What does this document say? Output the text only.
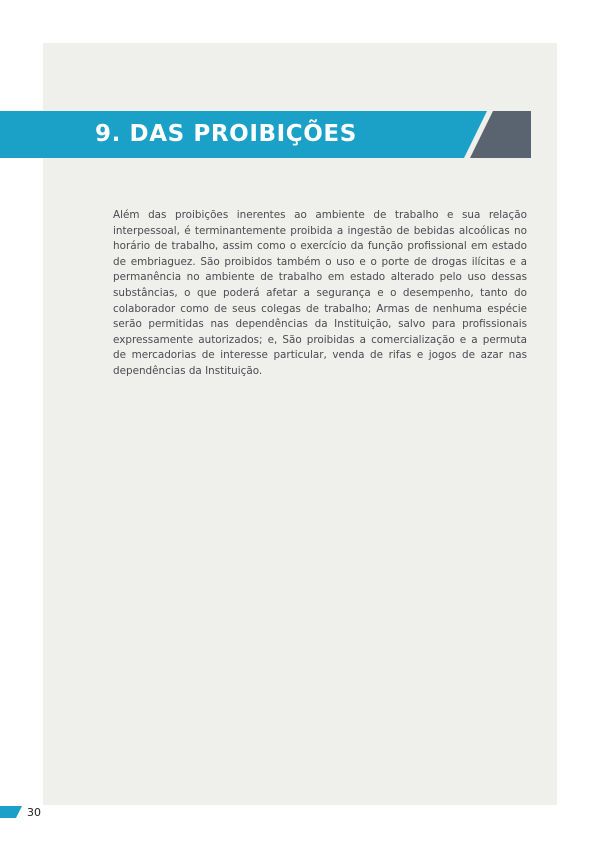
9. DAS PROIBIÇÕES

Além das proibições inerentes ao ambiente de trabalho e sua relação interpessoal, é terminantemente proibida a ingestão de bebidas alcoólicas no horário de trabalho, assim como o exercício da função profissional em estado de embriaguez. São proibidos também o uso e o porte de drogas ilícitas e a permanência no ambiente de trabalho em estado alterado pelo uso dessas substâncias, o que poderá afetar a segurança e o desempenho, tanto do colaborador como de seus colegas de trabalho; Armas de nenhuma espécie serão permitidas nas dependências da Instituição, salvo para profissionais expressamente autorizados; e, São proibidas a comercialização e a permuta de mercadorias de interesse particular, venda de rifas e jogos de azar nas dependências da Instituição.

30
